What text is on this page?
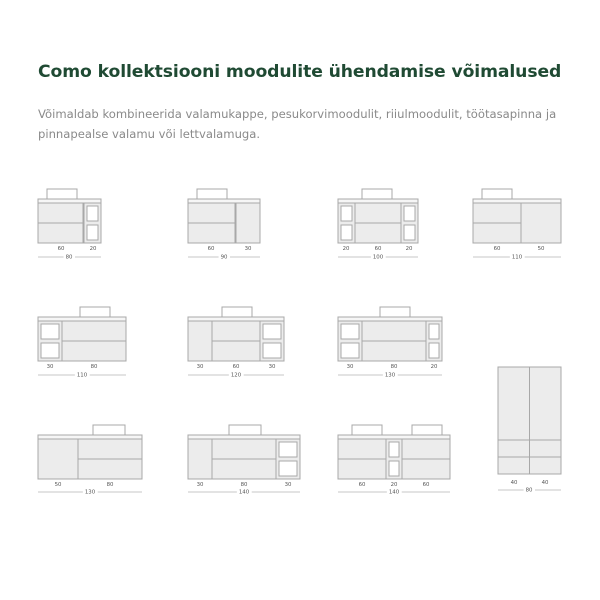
Como kollektsiooni moodulite ühendamise võimalused
Võimaldab kombineerida valamukappe, pesukorvimoodulit, riiulmoodulit, töötasapinna ja pinnapealse valamu või lettvalamuga.
60	20
80
60	30
90
20	60	20
100
60	50
110
30	80
110
30	60	30
120
30	80	20
130
40	40
80
50	80
130
30	80	30
140
60	20	60
140
